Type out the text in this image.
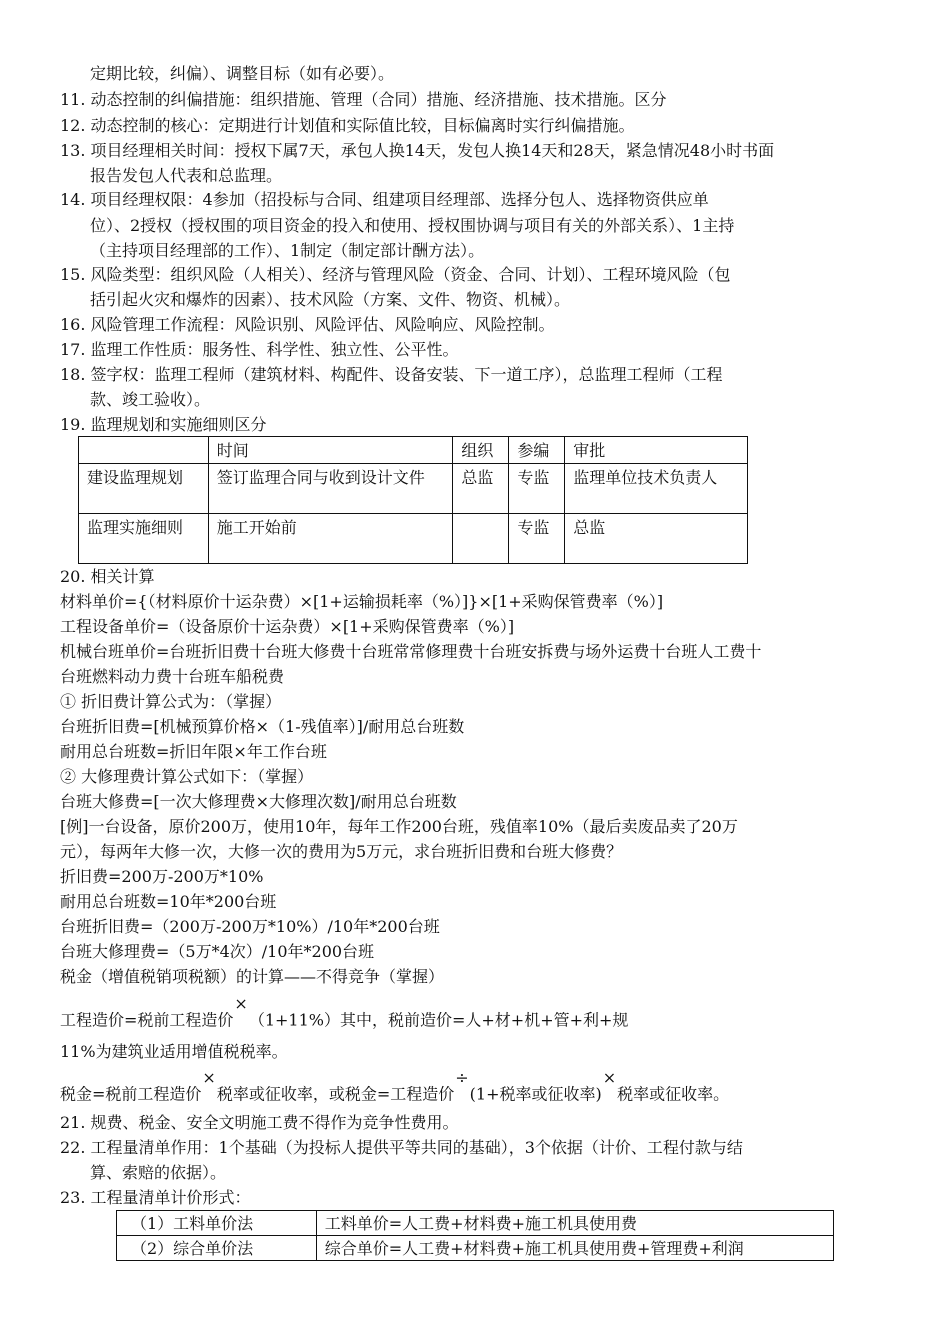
定期比较，纠偏）、调整目标（如有必要）。
11. 动态控制的纠偏措施：组织措施、管理（合同）措施、经济措施、技术措施。区分
12. 动态控制的核心：定期进行计划值和实际值比较，目标偏离时实行纠偏措施。
13. 项目经理相关时间：授权下属7天，承包人换14天，发包人换14天和28天，紧急情况48小时书面
报告发包人代表和总监理。
14. 项目经理权限：4参加（招投标与合同、组建项目经理部、选择分包人、选择物资供应单
位）、2授权（授权围的项目资金的投入和使用、授权围协调与项目有关的外部关系）、1主持
（主持项目经理部的工作）、1制定（制定部计酬方法）。
15. 风险类型：组织风险（人相关）、经济与管理风险（资金、合同、计划）、工程环境风险（包
括引起火灾和爆炸的因素）、技术风险（方案、文件、物资、机械）。
16. 风险管理工作流程：风险识别、风险评估、风险响应、风险控制。
17. 监理工作性质：服务性、科学性、独立性、公平性。
18. 签字权：监理工程师（建筑材料、构配件、设备安装、下一道工序），总监理工程师（工程
款、竣工验收）。
19. 监理规划和实施细则区分
	时间	组织	参编	审批
建设监理规划	签订监理合同与收到设计文件	总监	专监	监理单位技术负责人
监理实施细则	施工开始前		专监	总监
20. 相关计算
材料单价={（材料原价十运杂费）×[1+运输损耗率（%）]}×[1+采购保管费率（%）]
工程设备单价=（设备原价十运杂费）×[1+采购保管费率（%）]
机械台班单价=台班折旧费十台班大修费十台班常常修理费十台班安拆费与场外运费十台班人工费十
台班燃料动力费十台班车船税费
① 折旧费计算公式为：（掌握）
台班折旧费=[机械预算价格×（1-残值率）]/耐用总台班数
耐用总台班数=折旧年限×年工作台班
② 大修理费计算公式如下：（掌握）
台班大修费=[一次大修理费×大修理次数]/耐用总台班数
[例]一台设备，原价200万，使用10年，每年工作200台班，残值率10%（最后卖废品卖了20万
元），每两年大修一次，大修一次的费用为5万元，求台班折旧费和台班大修费？
折旧费=200万-200万*10%
耐用总台班数=10年*200台班
台班折旧费=（200万-200万*10%）/10年*200台班
台班大修理费=（5万*4次）/10年*200台班
税金（增值税销项税额）的计算——不得竞争（掌握）
工程造价=税前工程造价×（1+11%）其中，税前造价=人+材+机+管+利+规
11%为建筑业适用增值税税率。
税金=税前工程造价×税率或征收率，或税金=工程造价÷(1+税率或征收率)×税率或征收率。
21. 规费、税金、安全文明施工费不得作为竞争性费用。
22. 工程量清单作用：1个基础（为投标人提供平等共同的基础），3个依据（计价、工程付款与结
算、索赔的依据）。
23. 工程量清单计价形式：
（1）工料单价法	工料单价=人工费+材料费+施工机具使用费
（2）综合单价法	综合单价=人工费+材料费+施工机具使用费+管理费+利润
